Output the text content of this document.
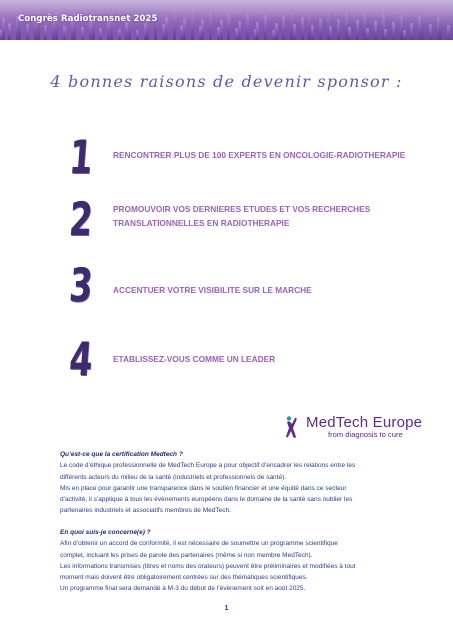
Congrès Radiotransnet 2025
4 bonnes raisons de devenir sponsor :
1 RENCONTRER PLUS DE 100 EXPERTS EN ONCOLOGIE-RADIOTHERAPIE
2 PROMOUVOIR VOS DERNIERES ETUDES ET VOS RECHERCHES
TRANSLATIONNELLES EN RADIOTHERAPIE
3 ACCENTUER VOTRE VISIBILITE SUR LE MARCHE
4 ETABLISSEZ-VOUS COMME UN LEADER
MedTech Europe
from diagnosis to cure

Qu’est-ce que la certification Medtech ?

Le code d’éthique professionnelle de MedTech Europe a pour objectif d’encadrer les relations entre les

différents acteurs du milieu de la santé (industriels et professionnels de santé).

Mis en place pour garantir une transparence dans le soutien financier et une équité dans ce secteur

d’activité, il s’applique à tous les évènements européens dans le domaine de la santé sans oublier les

partenaires industriels et associatifs membres de MedTech.

En quoi suis-je concerné(e) ?

Afin d’obtenir un accord de conformité, il est nécessaire de soumettre un programme scientifique

complet, incluant les prises de parole des partenaires (même si non membre MedTech).

Les informations transmises (titres et noms des orateurs) peuvent être préliminaires et modifiées à tout

moment mais doivent être obligatoirement centrées sur des thématiques scientifiques.

Un programme final sera demandé à M-3 du début de l’évènement soit en août 2025.

1
